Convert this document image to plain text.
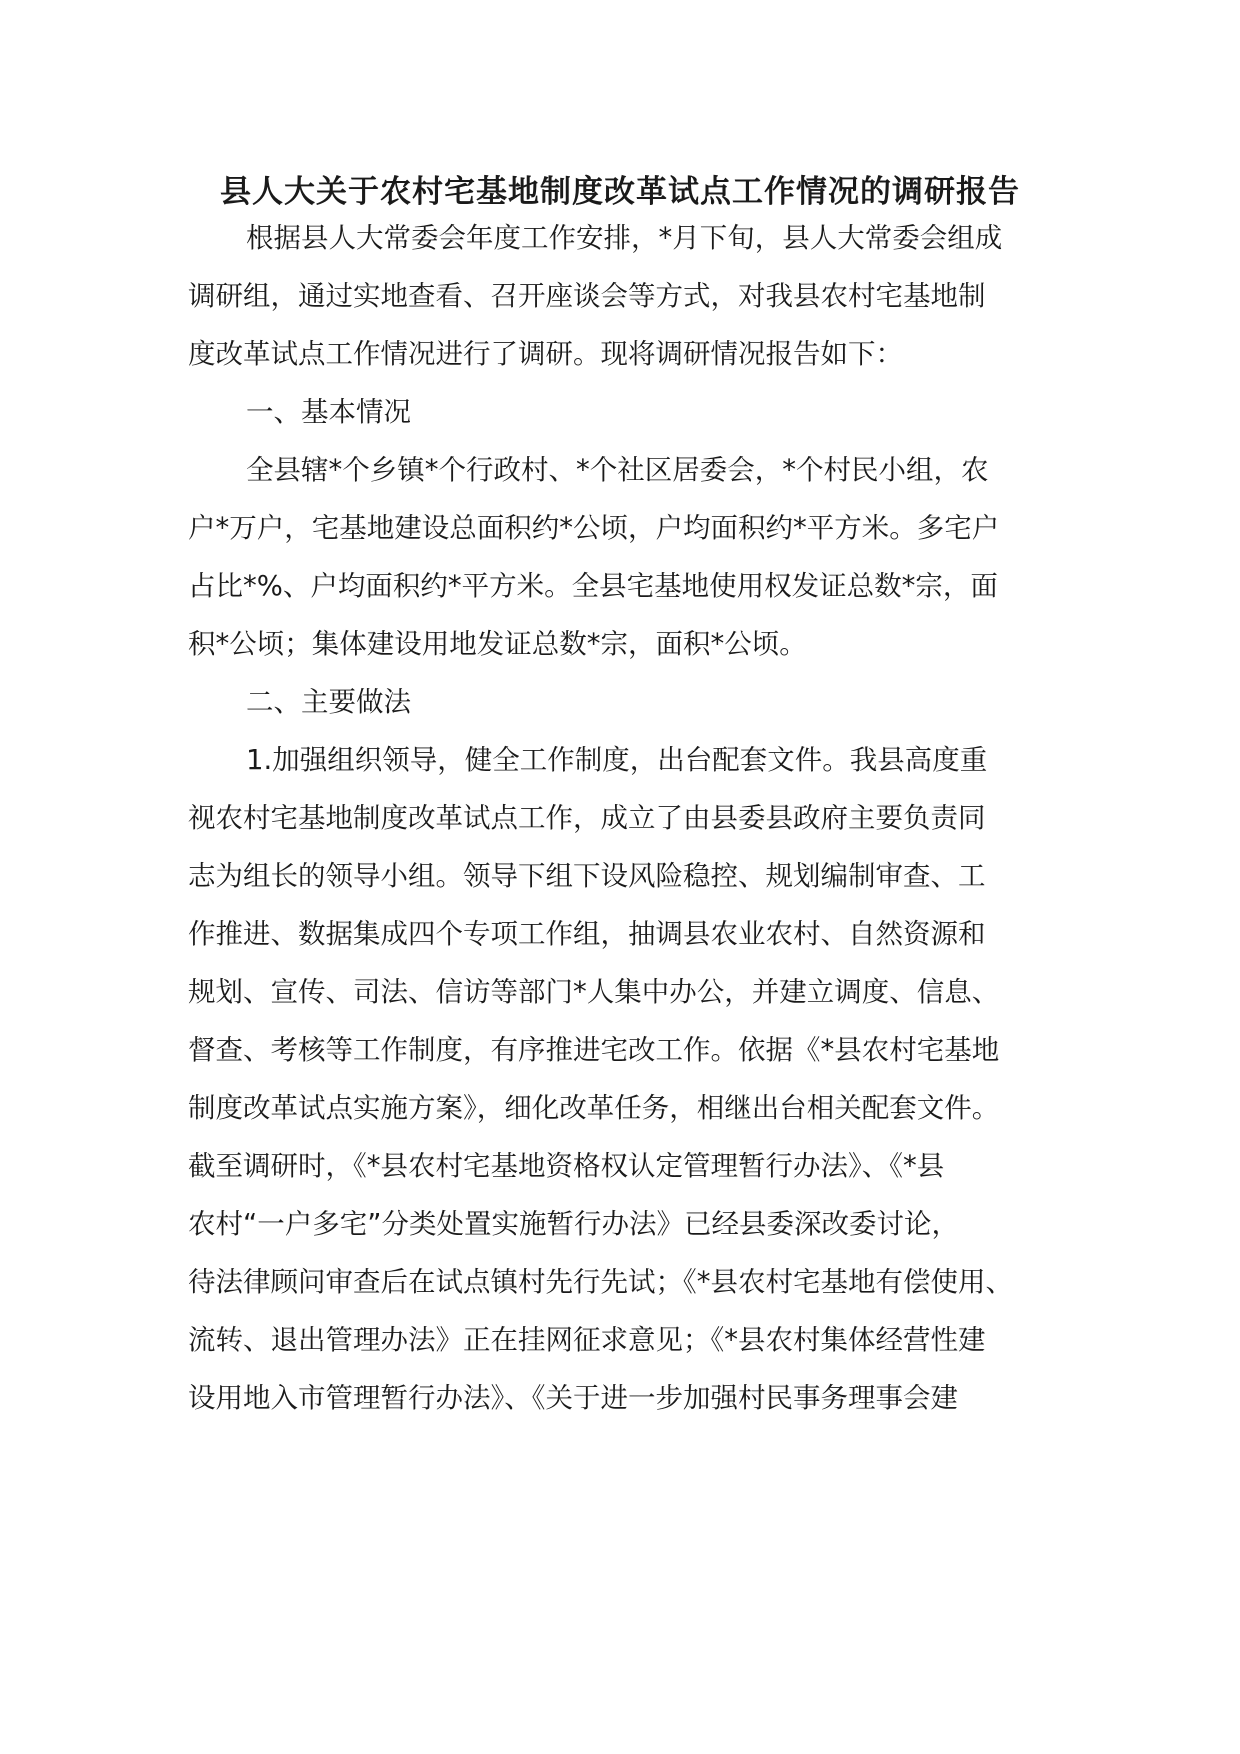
县人大关于农村宅基地制度改革试点工作情况的调研报告
根据县人大常委会年度工作安排，*月下旬，县人大常委会组成
调研组，通过实地查看、召开座谈会等方式，对我县农村宅基地制
度改革试点工作情况进行了调研。现将调研情况报告如下：
一、基本情况
全县辖*个乡镇*个行政村、*个社区居委会，*个村民小组，农
户*万户，宅基地建设总面积约*公顷，户均面积约*平方米。多宅户
占比*%、户均面积约*平方米。全县宅基地使用权发证总数*宗，面
积*公顷；集体建设用地发证总数*宗，面积*公顷。
二、主要做法
1.加强组织领导，健全工作制度，出台配套文件。我县高度重
视农村宅基地制度改革试点工作，成立了由县委县政府主要负责同
志为组长的领导小组。领导下组下设风险稳控、规划编制审查、工
作推进、数据集成四个专项工作组，抽调县农业农村、自然资源和
规划、宣传、司法、信访等部门*人集中办公，并建立调度、信息、
督查、考核等工作制度，有序推进宅改工作。依据《*县农村宅基地
制度改革试点实施方案》，细化改革任务，相继出台相关配套文件。
截至调研时，《*县农村宅基地资格权认定管理暂行办法》、《*县
农村“一户多宅”分类处置实施暂行办法》已经县委深改委讨论，
待法律顾问审查后在试点镇村先行先试；《*县农村宅基地有偿使用、
流转、退出管理办法》正在挂网征求意见；《*县农村集体经营性建
设用地入市管理暂行办法》、《关于进一步加强村民事务理事会建
